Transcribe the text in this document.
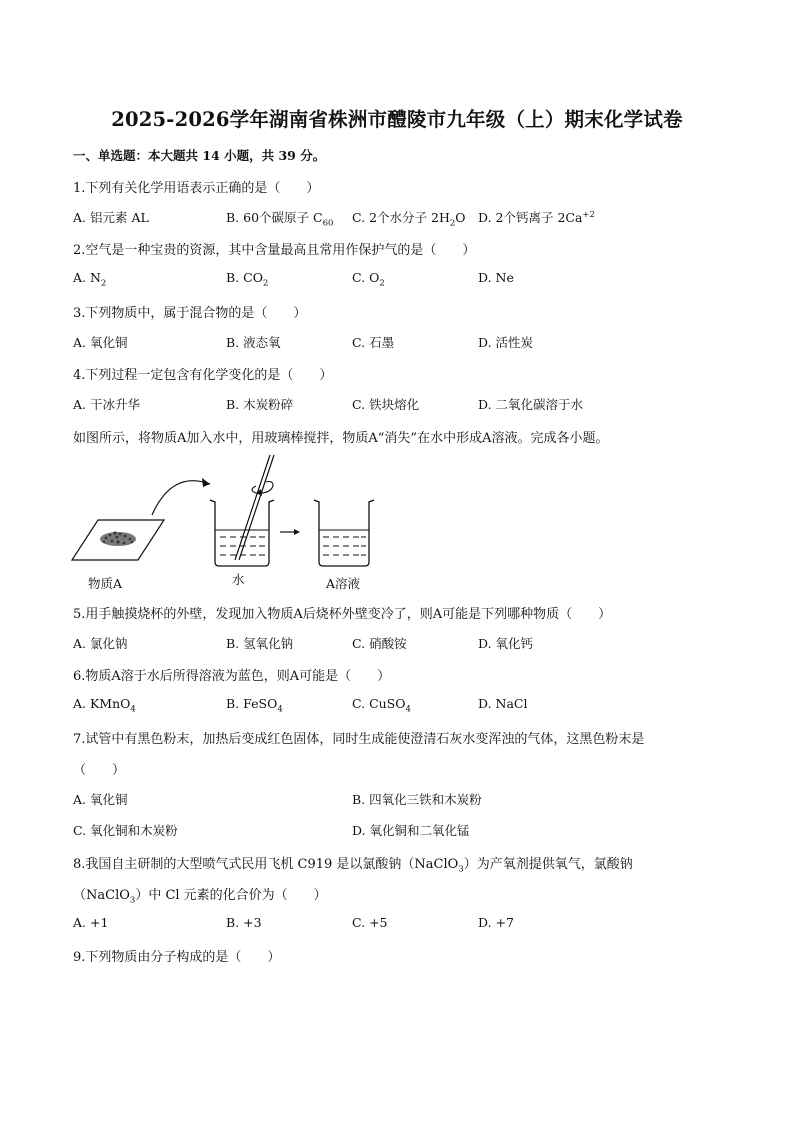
2025-2026学年湖南省株洲市醴陵市九年级（上）期末化学试卷
一、单选题：本大题共 14 小题，共 39 分。
1.下列有关化学用语表示正确的是（　　）
A. 铝元素 AL	B. 60个碳原子 $C_{60}$ C. 2个水分子 $2H_2O$ D. 2个钙离子 $2Ca^{+2}$
2.空气是一种宝贵的资源，其中含量最高且常用作保护气的是（　　）
A. $N_2$	B. $CO_2$	C. $O_2$	D. Ne
3.下列物质中，属于混合物的是（　　）
A. 氧化铜	B. 液态氧	C. 石墨	D. 活性炭
4.下列过程一定包含有化学变化的是（　　）
A. 干冰升华	B. 木炭粉碎	C. 铁块熔化	D. 二氧化碳溶于水
如图所示，将物质A加入水中，用玻璃棒搅拌，物质A“消失”在水中形成A溶液。完成各小题。
物质A	水	A溶液
5.用手触摸烧杯的外壁，发现加入物质A后烧杯外壁变冷了，则A可能是下列哪种物质（　　）
A. 氯化钠	B. 氢氧化钠	C. 硝酸铵	D. 氧化钙
6.物质A溶于水后所得溶液为蓝色，则A可能是（　　）
A. KMnO$_4$	B. FeSO$_4$	C. CuSO$_4$	D. NaCl
7.试管中有黑色粉末，加热后变成红色固体，同时生成能使澄清石灰水变浑浊的气体，这黑色粉末是
（　　）
A. 氧化铜	B. 四氧化三铁和木炭粉
C. 氧化铜和木炭粉	D. 氧化铜和二氧化锰
8.我国自主研制的大型喷气式民用飞机 C919 是以氯酸钠（NaClO$_3$）为产氧剂提供氧气，氯酸钠
（NaClO$_3$）中 Cl 元素的化合价为（　　）
A. +1	B. +3	C. +5	D. +7
9.下列物质由分子构成的是（　　）
